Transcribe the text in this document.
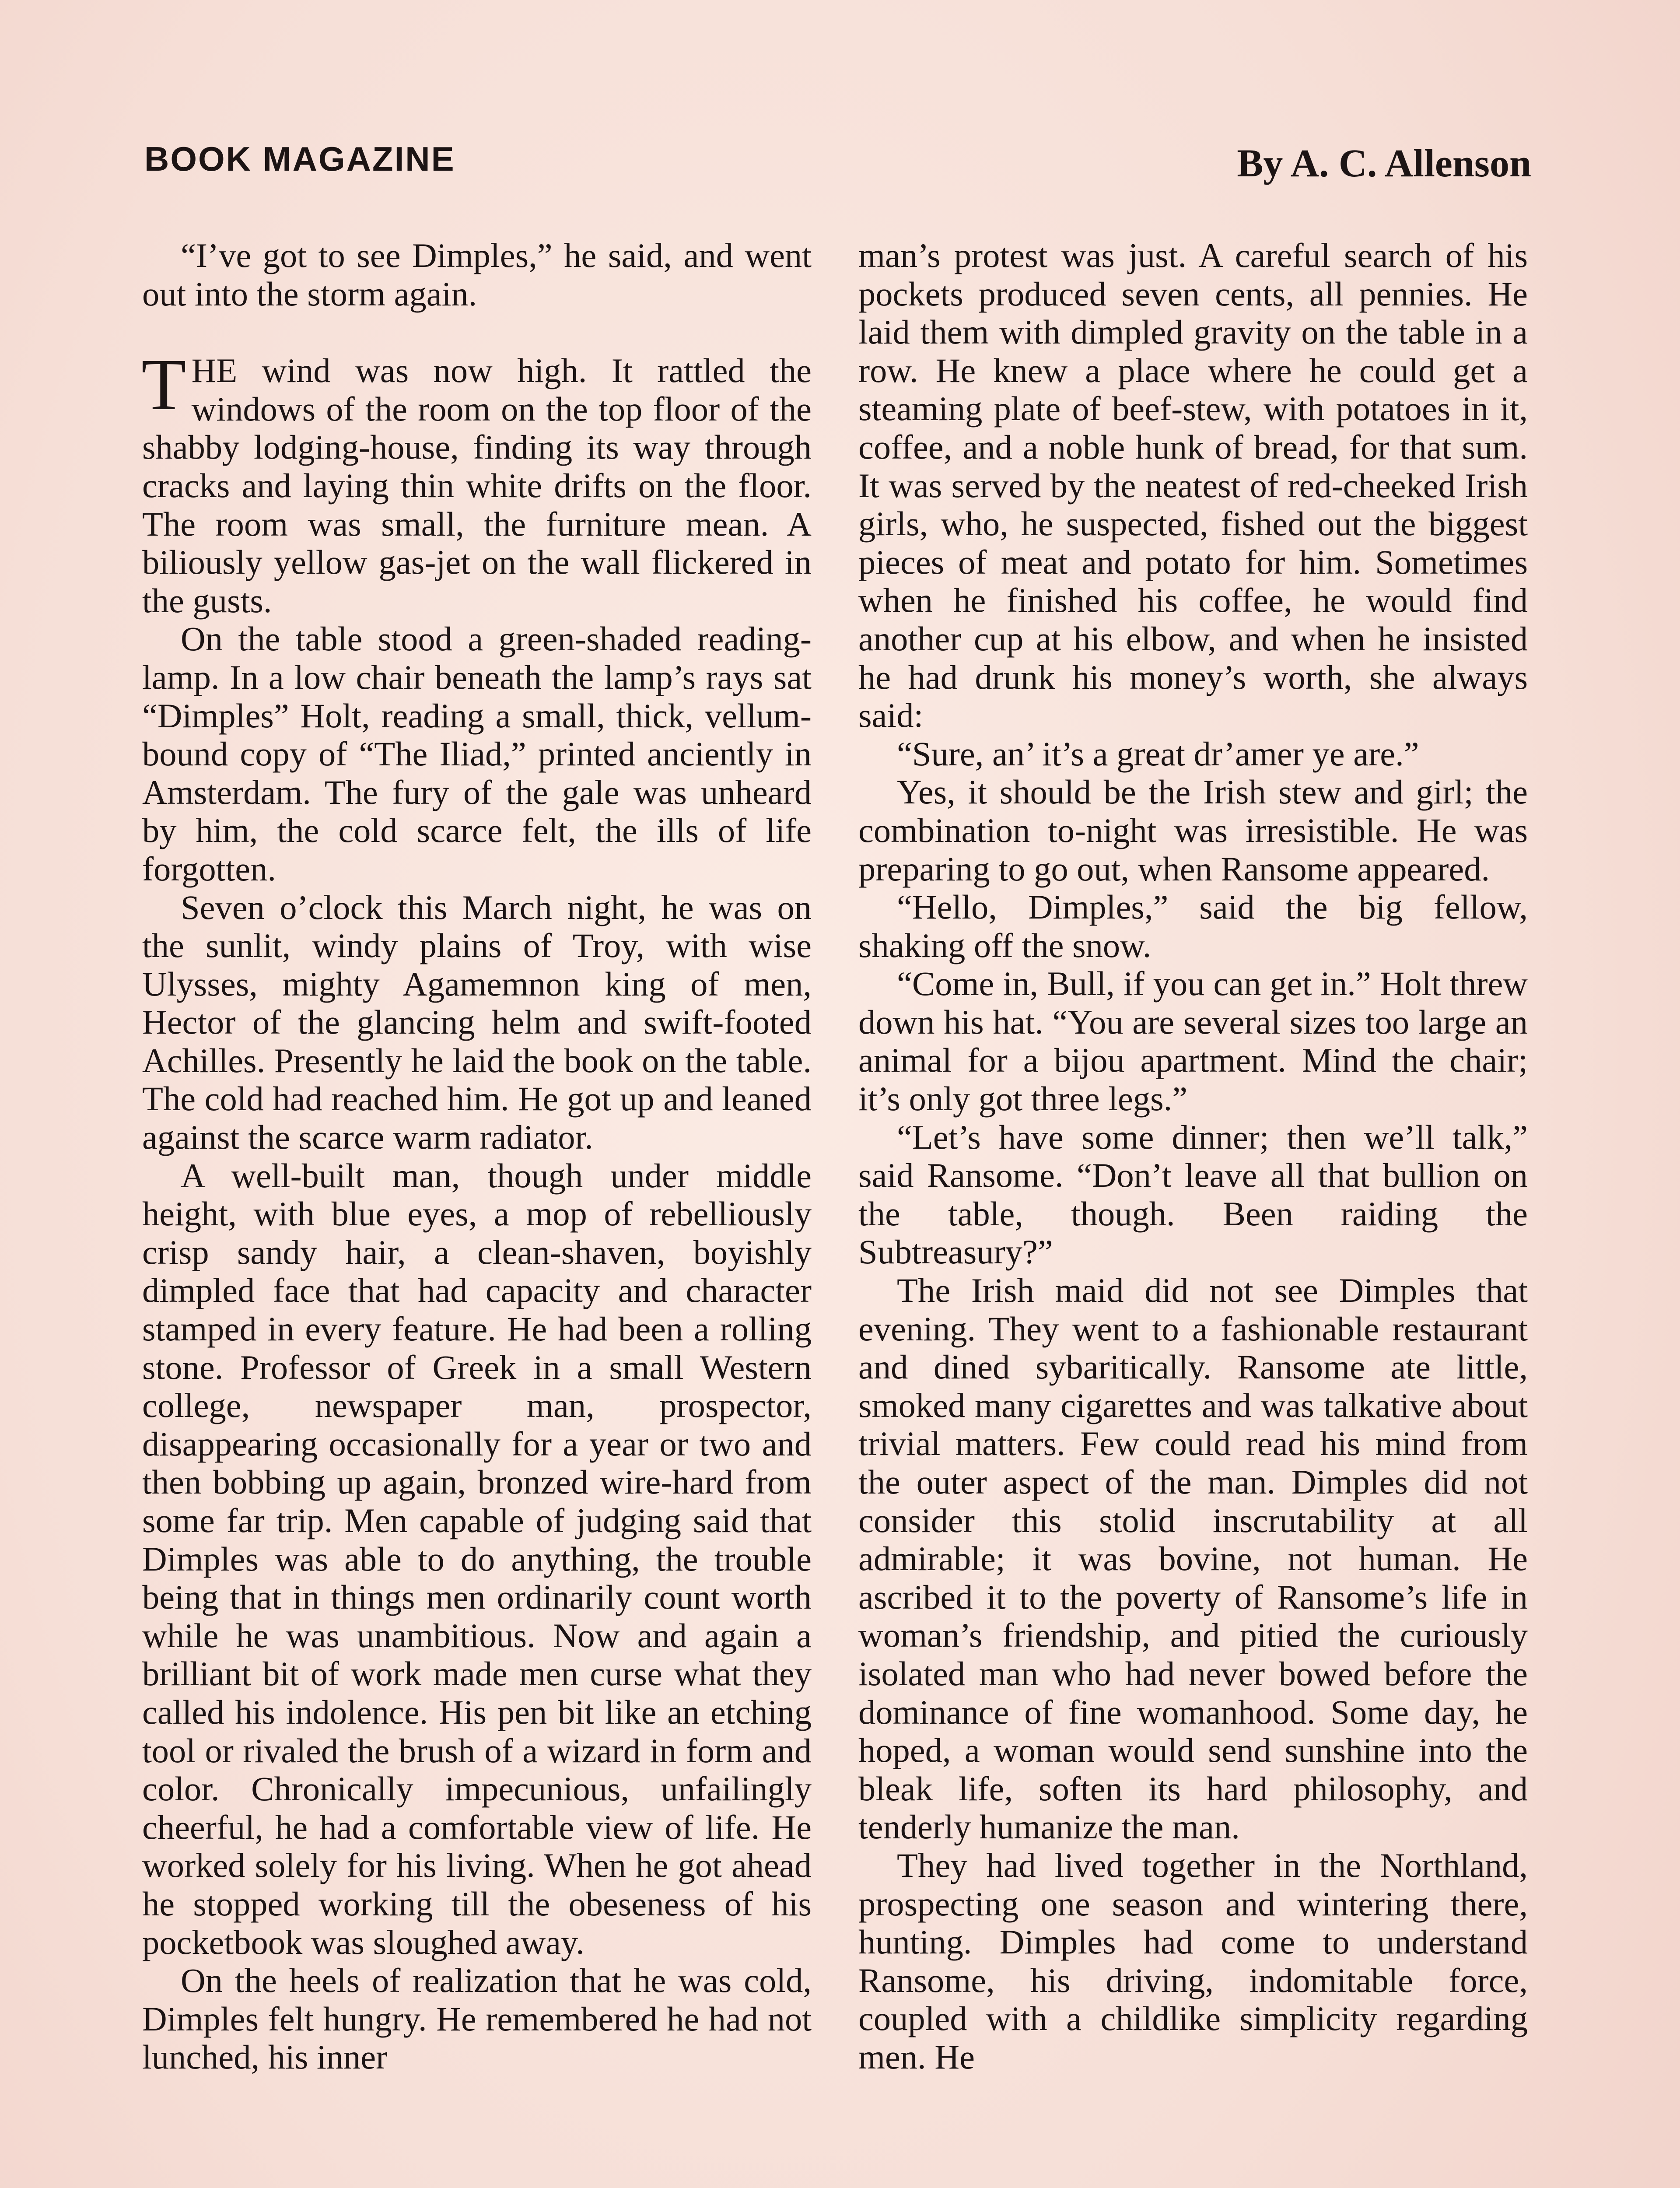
BOOK MAGAZINE	By A. C. Allenson

“I’ve got to see Dimples,” he said, and went out into the storm again.

THE wind was now high. It rattled the windows of the room on the top floor of the shabby lodging-house, finding its way through cracks and laying thin white drifts on the floor. The room was small, the furniture mean. A biliously yellow gas-jet on the wall flickered in the gusts.

On the table stood a green-shaded reading-lamp. In a low chair beneath the lamp’s rays sat “Dimples” Holt, reading a small, thick, vellum-bound copy of “The Iliad,” printed anciently in Amsterdam. The fury of the gale was unheard by him, the cold scarce felt, the ills of life forgotten.

Seven o’clock this March night, he was on the sunlit, windy plains of Troy, with wise Ulysses, mighty Agamemnon king of men, Hector of the glancing helm and swift-footed Achilles. Presently he laid the book on the table. The cold had reached him. He got up and leaned against the scarce warm radiator.

A well-built man, though under middle height, with blue eyes, a mop of rebelliously crisp sandy hair, a clean-shaven, boyishly dimpled face that had capacity and character stamped in every feature. He had been a rolling stone. Professor of Greek in a small Western college, newspaper man, prospector, disappearing occasionally for a year or two and then bobbing up again, bronzed wire-hard from some far trip. Men capable of judging said that Dimples was able to do anything, the trouble being that in things men ordinarily count worth while he was unambitious. Now and again a brilliant bit of work made men curse what they called his indolence. His pen bit like an etching tool or rivaled the brush of a wizard in form and color. Chronically impecunious, unfailingly cheerful, he had a comfortable view of life. He worked solely for his living. When he got ahead he stopped working till the obeseness of his pocketbook was sloughed away.

On the heels of realization that he was cold, Dimples felt hungry. He remembered he had not lunched, his inner

man’s protest was just. A careful search of his pockets produced seven cents, all pennies. He laid them with dimpled gravity on the table in a row. He knew a place where he could get a steaming plate of beef-stew, with potatoes in it, coffee, and a noble hunk of bread, for that sum. It was served by the neatest of red-cheeked Irish girls, who, he suspected, fished out the biggest pieces of meat and potato for him. Sometimes when he finished his coffee, he would find another cup at his elbow, and when he insisted he had drunk his money’s worth, she always said:

“Sure, an’ it’s a great dr’amer ye are.”

Yes, it should be the Irish stew and girl; the combination to-night was irresistible. He was preparing to go out, when Ransome appeared.

“Hello, Dimples,” said the big fellow, shaking off the snow.

“Come in, Bull, if you can get in.” Holt threw down his hat. “You are several sizes too large an animal for a bijou apartment. Mind the chair; it’s only got three legs.”

“Let’s have some dinner; then we’ll talk,” said Ransome. “Don’t leave all that bullion on the table, though. Been raiding the Subtreasury?”

The Irish maid did not see Dimples that evening. They went to a fashionable restaurant and dined sybaritically. Ransome ate little, smoked many cigarettes and was talkative about trivial matters. Few could read his mind from the outer aspect of the man. Dimples did not consider this stolid inscrutability at all admirable; it was bovine, not human. He ascribed it to the poverty of Ransome’s life in woman’s friendship, and pitied the curiously isolated man who had never bowed before the dominance of fine womanhood. Some day, he hoped, a woman would send sunshine into the bleak life, soften its hard philosophy, and tenderly humanize the man.

They had lived together in the Northland, prospecting one season and wintering there, hunting. Dimples had come to understand Ransome, his driving, indomitable force, coupled with a childlike simplicity regarding men. He
